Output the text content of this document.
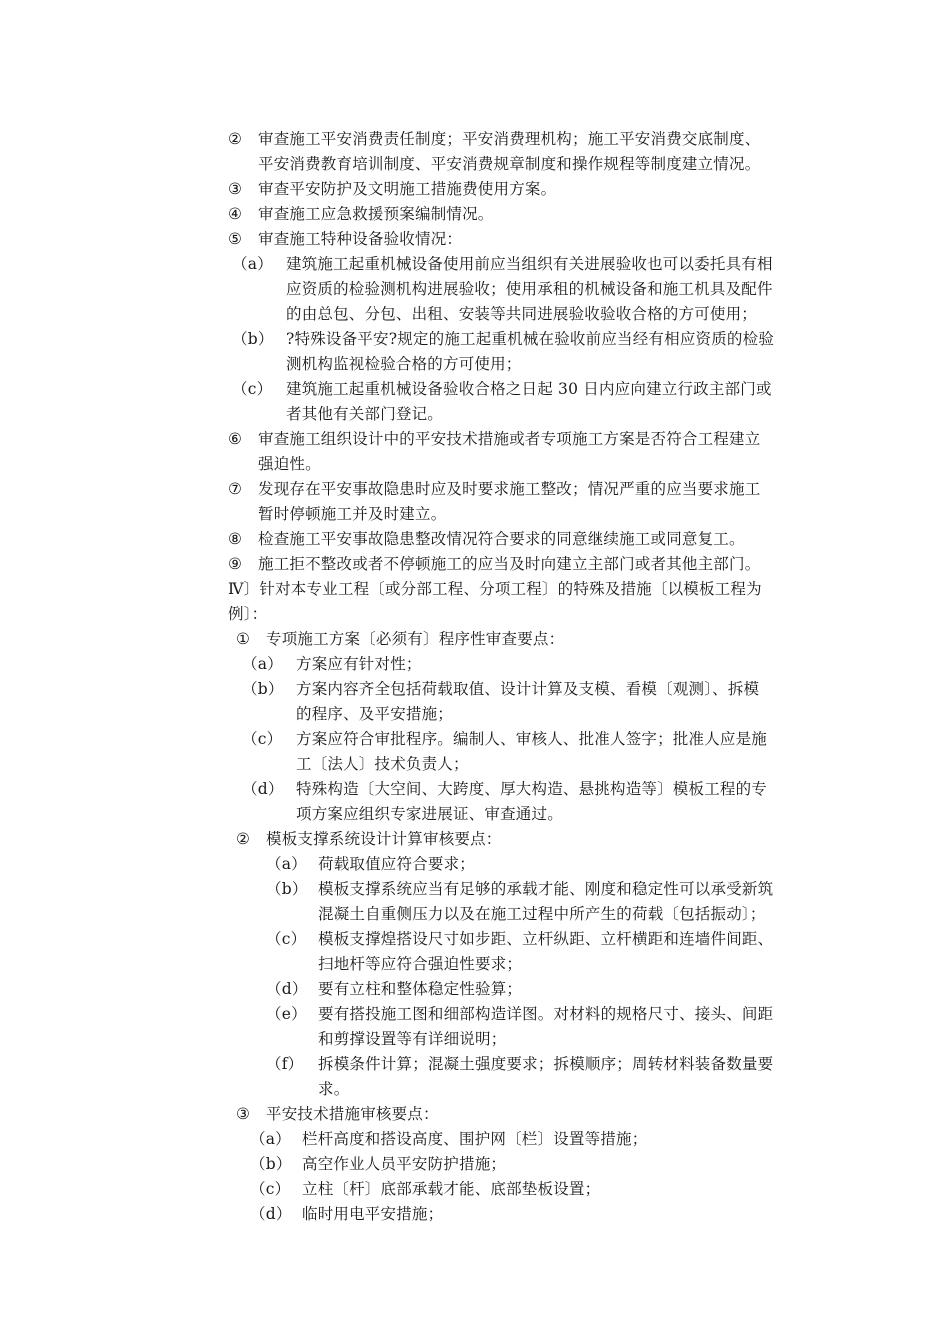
② 审查施工平安消费责任制度；平安消费理机构；施工平安消费交底制度、
平安消费教育培训制度、平安消费规章制度和操作规程等制度建立情况。
③ 审查平安防护及文明施工措施费使用方案。
④ 审查施工应急救援预案编制情况。
⑤ 审查施工特种设备验收情况：
（a） 建筑施工起重机械设备使用前应当组织有关进展验收也可以委托具有相
应资质的检验测机构进展验收；使用承租的机械设备和施工机具及配件
的由总包、分包、出租、安装等共同进展验收验收合格的方可使用；
（b） ?特殊设备平安?规定的施工起重机械在验收前应当经有相应资质的检验
测机构监视检验合格的方可使用；
（c） 建筑施工起重机械设备验收合格之日起 30 日内应向建立行政主部门或
者其他有关部门登记。
⑥ 审查施工组织设计中的平安技术措施或者专项施工方案是否符合工程建立
强迫性。
⑦ 发现存在平安事故隐患时应及时要求施工整改；情况严重的应当要求施工
暂时停顿施工并及时建立。
⑧ 检查施工平安事故隐患整改情况符合要求的同意继续施工或同意复工。
⑨ 施工拒不整改或者不停顿施工的应当及时向建立主部门或者其他主部门。
Ⅳ〕针对本专业工程〔或分部工程、分项工程〕的特殊及措施〔以模板工程为
例〕：
① 专项施工方案〔必须有〕程序性审查要点：
（a） 方案应有针对性；
（b） 方案内容齐全包括荷载取值、设计计算及支模、看模〔观测〕、拆模
的程序、及平安措施；
（c） 方案应符合审批程序。编制人、审核人、批准人签字；批准人应是施
工〔法人〕技术负责人；
（d） 特殊构造〔大空间、大跨度、厚大构造、悬挑构造等〕模板工程的专
项方案应组织专家进展证、审查通过。
② 模板支撑系统设计计算审核要点：
（a） 荷载取值应符合要求；
（b） 模板支撑系统应当有足够的承载才能、刚度和稳定性可以承受新筑
混凝土自重侧压力以及在施工过程中所产生的荷载〔包括振动〕；
（c） 模板支撑煌搭设尺寸如步距、立杆纵距、立杆横距和连墙件间距、
扫地杆等应符合强迫性要求；
（d） 要有立柱和整体稳定性验算；
（e） 要有搭投施工图和细部构造详图。对材料的规格尺寸、接头、间距
和剪撑设置等有详细说明；
（f） 拆模条件计算；混凝土强度要求；拆模顺序；周转材料装备数量要
求。
③ 平安技术措施审核要点：
（a） 栏杆高度和搭设高度、围护网〔栏〕设置等措施；
（b） 高空作业人员平安防护措施；
（c） 立柱〔杆〕底部承载才能、底部垫板设置；
（d） 临时用电平安措施；
